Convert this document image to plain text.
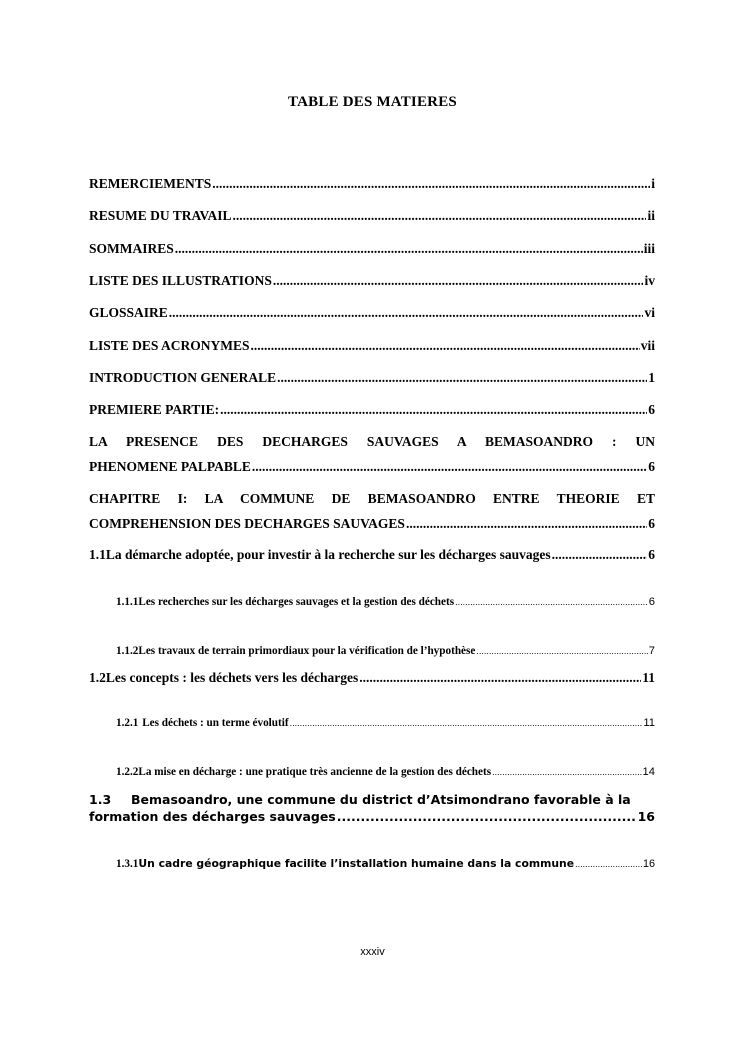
TABLE DES MATIERES
REMERCIEMENTS .....	i
RESUME DU TRAVAIL .....	ii
SOMMAIRES .....	iii
LISTE DES ILLUSTRATIONS .....	iv
GLOSSAIRE .....	vi
LISTE DES ACRONYMES .....	vii
INTRODUCTION GENERALE .....	1
PREMIERE PARTIE: .....	6
LA PRESENCE DES DECHARGES SAUVAGES A BEMASOANDRO : UN
PHENOMENE PALPABLE .....	6
CHAPITRE I: LA COMMUNE DE BEMASOANDRO ENTRE THEORIE ET
COMPREHENSION DES DECHARGES SAUVAGES .....	6
1.1 La démarche adoptée, pour investir à la recherche sur les décharges sauvages .....	6
1.1.1 Les recherches sur les décharges sauvages et la gestion des déchets .....	6
1.1.2 Les travaux de terrain primordiaux pour la vérification de l’hypothèse .....	7
1.2 Les concepts : les déchets vers les décharges .....	11
1.2.1 Les déchets : un terme évolutif .....	11
1.2.2 La mise en décharge : une pratique très ancienne de la gestion des déchets .....	14
1.3	Bemasoandro, une commune du district d’Atsimondrano favorable à la
formation des décharges sauvages .....	16
1.3.1 Un cadre géographique facilite l’installation humaine dans la commune .....	16
xxxiv
